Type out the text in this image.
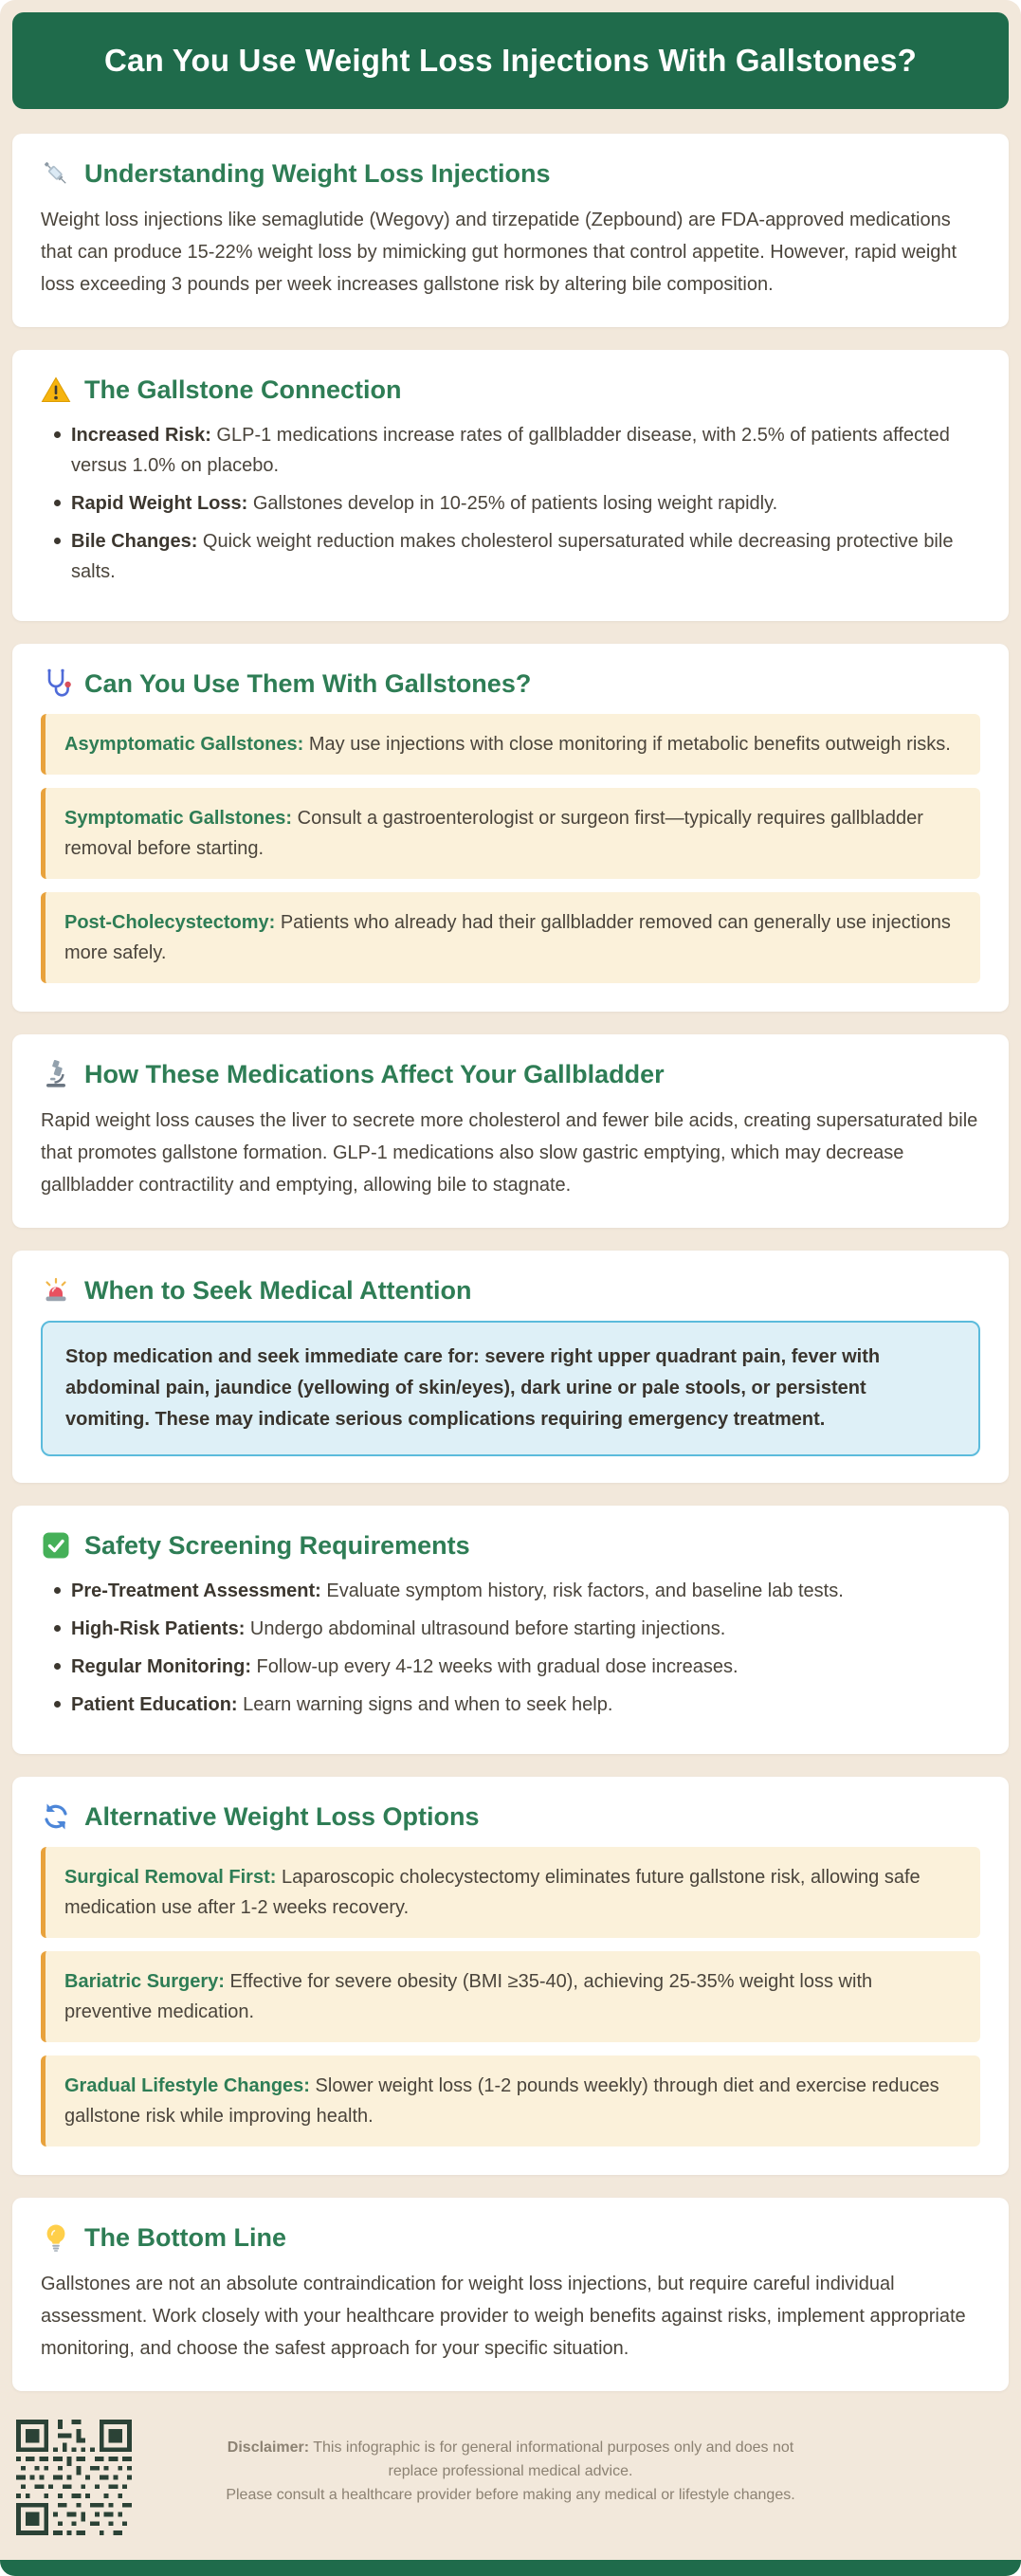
Can You Use Weight Loss Injections With Gallstones?
Understanding Weight Loss Injections

Weight loss injections like semaglutide (Wegovy) and tirzepatide (Zepbound) are FDA-approved medications that can produce 15-22% weight loss by mimicking gut hormones that control appetite. However, rapid weight loss exceeding 3 pounds per week increases gallstone risk by altering bile composition.

The Gallstone Connection
Increased Risk: GLP-1 medications increase rates of gallbladder disease, with 2.5% of patients affected versus 1.0% on placebo.
Rapid Weight Loss: Gallstones develop in 10-25% of patients losing weight rapidly.
Bile Changes: Quick weight reduction makes cholesterol supersaturated while decreasing protective bile salts.
Can You Use Them With Gallstones?
Asymptomatic Gallstones: May use injections with close monitoring if metabolic benefits outweigh risks.
Symptomatic Gallstones: Consult a gastroenterologist or surgeon first—typically requires gallbladder removal before starting.
Post-Cholecystectomy: Patients who already had their gallbladder removed can generally use injections more safely.
How These Medications Affect Your Gallbladder

Rapid weight loss causes the liver to secrete more cholesterol and fewer bile acids, creating supersaturated bile that promotes gallstone formation. GLP-1 medications also slow gastric emptying, which may decrease gallbladder contractility and emptying, allowing bile to stagnate.

When to Seek Medical Attention
Stop medication and seek immediate care for: severe right upper quadrant pain, fever with abdominal pain, jaundice (yellowing of skin/eyes), dark urine or pale stools, or persistent vomiting. These may indicate serious complications requiring emergency treatment.
Safety Screening Requirements
Pre-Treatment Assessment: Evaluate symptom history, risk factors, and baseline lab tests.
High-Risk Patients: Undergo abdominal ultrasound before starting injections.
Regular Monitoring: Follow-up every 4-12 weeks with gradual dose increases.
Patient Education: Learn warning signs and when to seek help.
Alternative Weight Loss Options
Surgical Removal First: Laparoscopic cholecystectomy eliminates future gallstone risk, allowing safe medication use after 1-2 weeks recovery.
Bariatric Surgery: Effective for severe obesity (BMI ≥35-40), achieving 25-35% weight loss with preventive medication.
Gradual Lifestyle Changes: Slower weight loss (1-2 pounds weekly) through diet and exercise reduces gallstone risk while improving health.
The Bottom Line

Gallstones are not an absolute contraindication for weight loss injections, but require careful individual assessment. Work closely with your healthcare provider to weigh benefits against risks, implement appropriate monitoring, and choose the safest approach for your specific situation.

Disclaimer: This infographic is for general informational purposes only and does not replace professional medical advice.
Please consult a healthcare provider before making any medical or lifestyle changes.
